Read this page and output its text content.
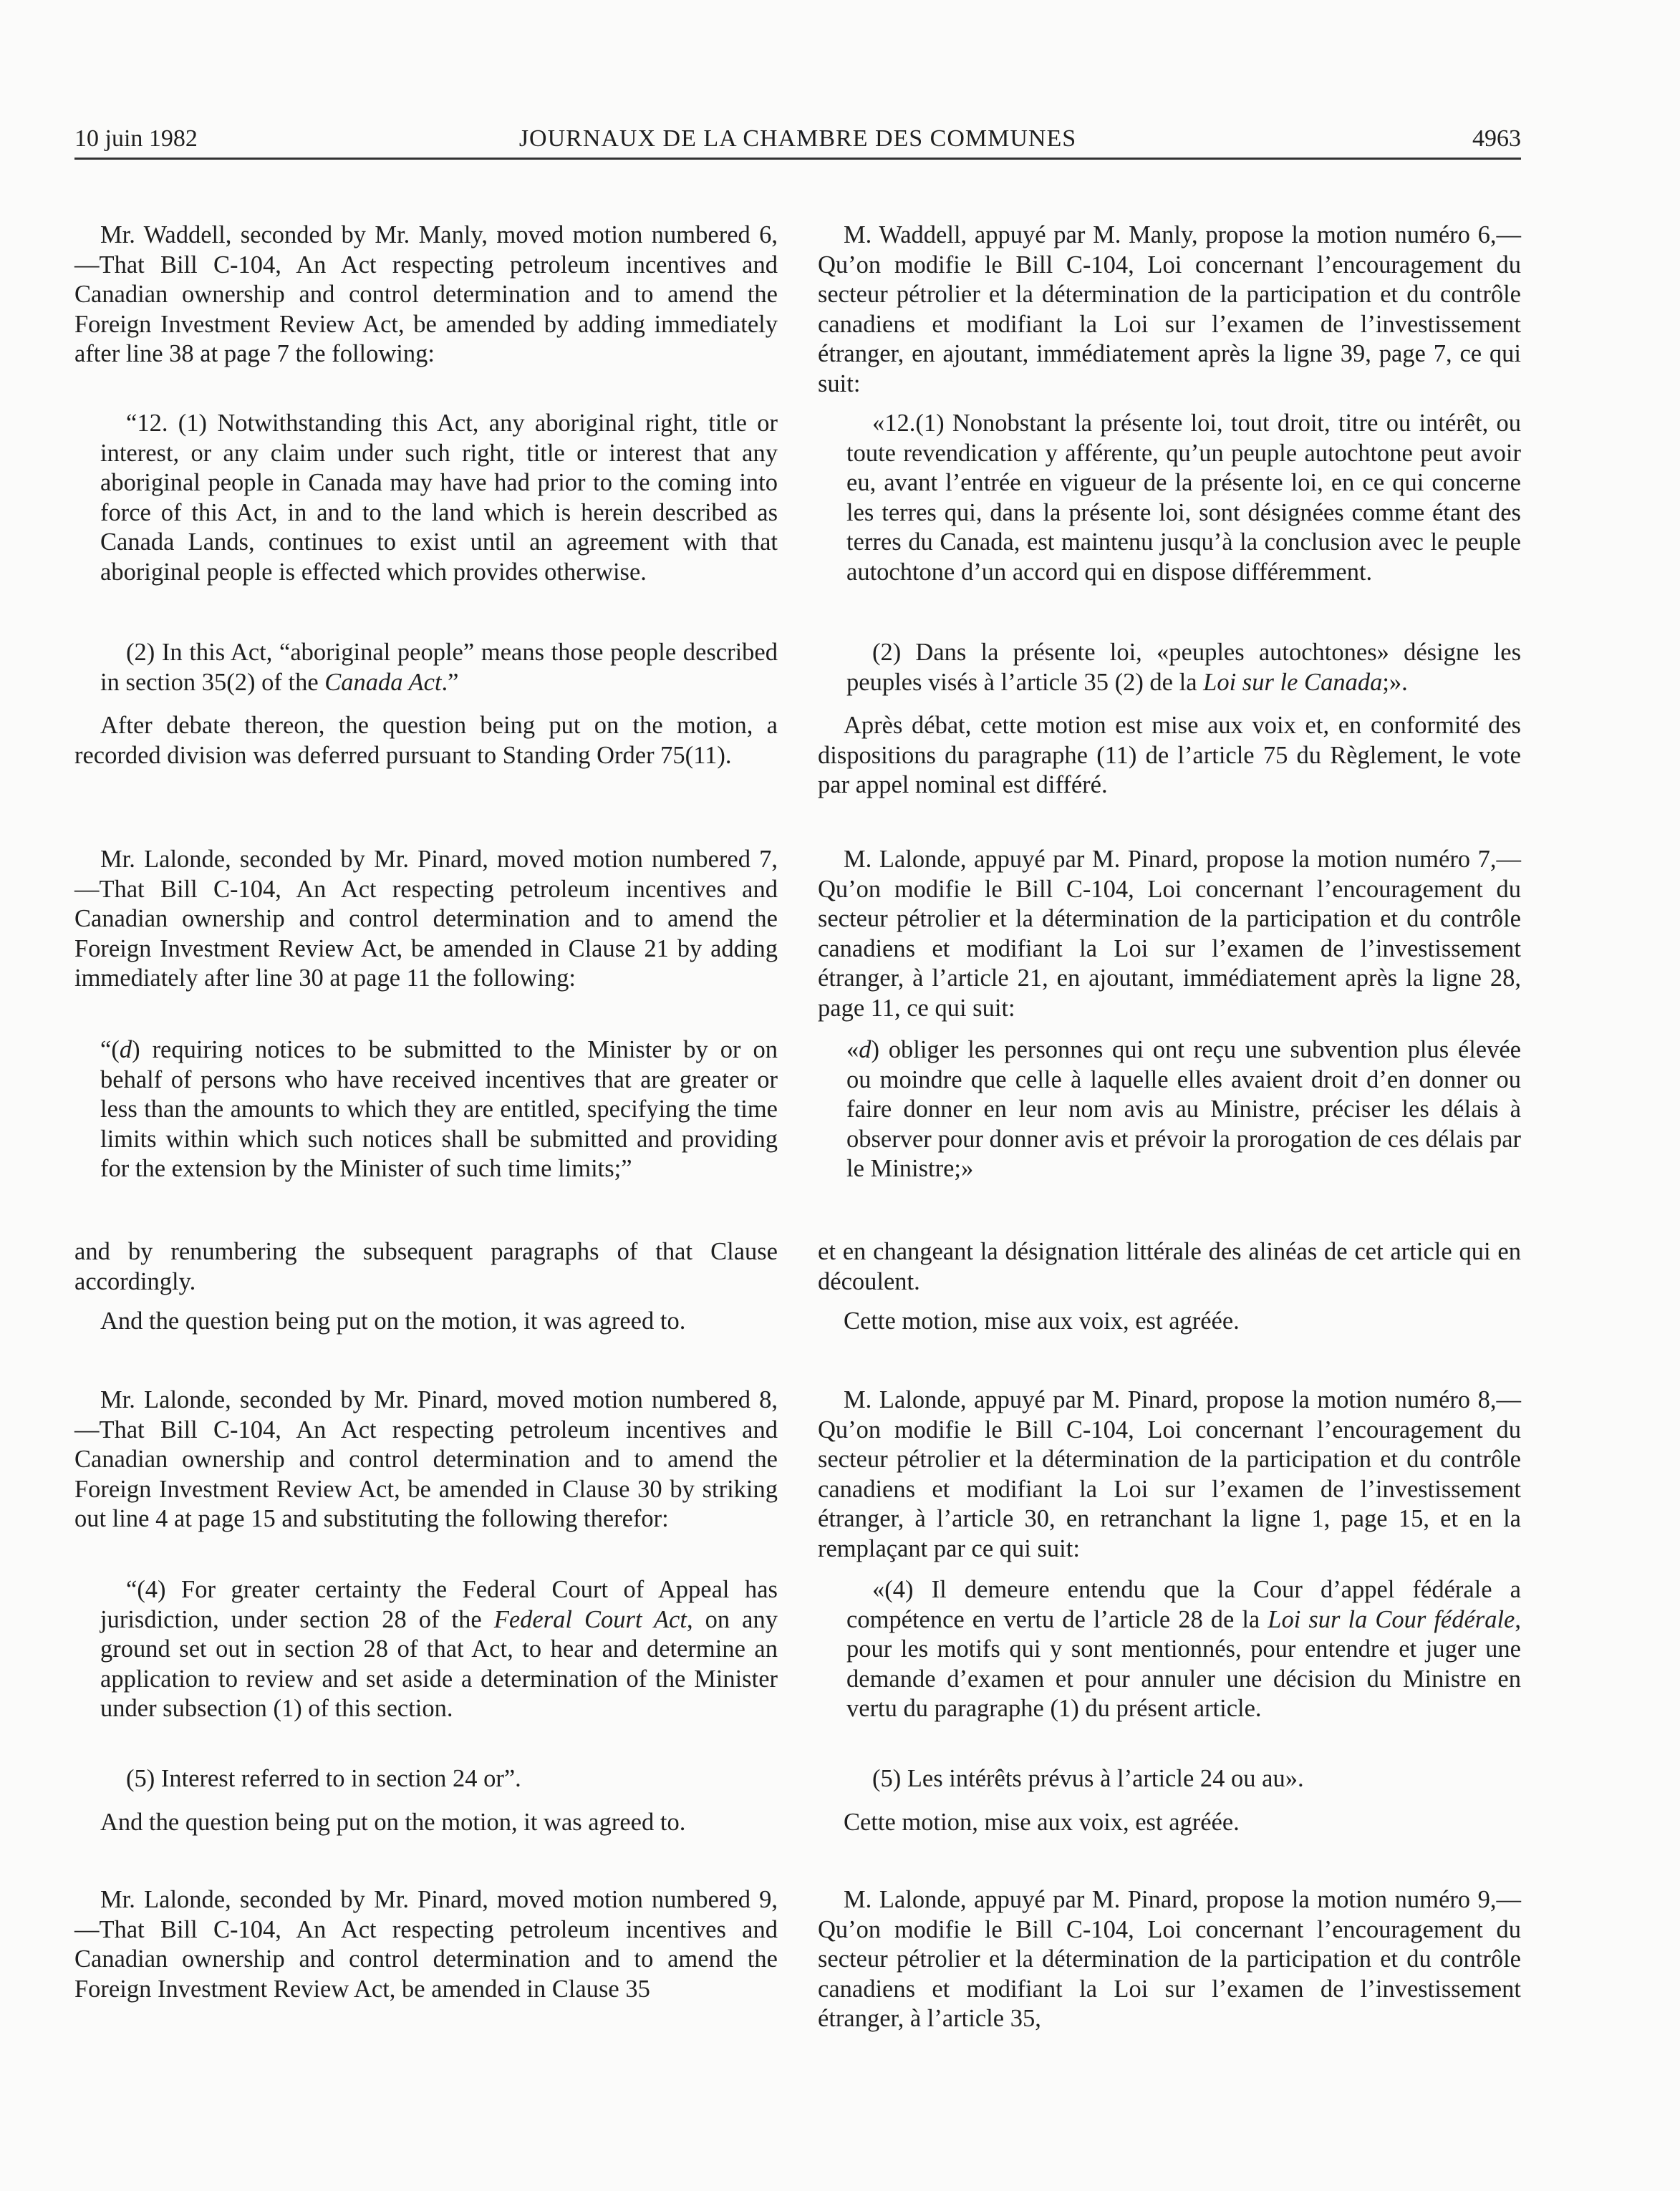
10 juin 1982	JOURNAUX DE LA CHAMBRE DES COMMUNES	4963

Mr. Waddell, seconded by Mr. Manly, moved motion numbered 6,—That Bill C-104, An Act respecting petroleum incentives and Canadian ownership and control determination and to amend the Foreign Investment Review Act, be amended by adding immediately after line 38 at page 7 the following:

“12. (1) Notwithstanding this Act, any aboriginal right, title or interest, or any claim under such right, title or interest that any aboriginal people in Canada may have had prior to the coming into force of this Act, in and to the land which is herein described as Canada Lands, continues to exist until an agreement with that aboriginal people is effected which provides otherwise.

(2) In this Act, “aboriginal people” means those people described in section 35(2) of the Canada Act.”

After debate thereon, the question being put on the motion, a recorded division was deferred pursuant to Standing Order 75(11).

Mr. Lalonde, seconded by Mr. Pinard, moved motion numbered 7,—That Bill C-104, An Act respecting petroleum incentives and Canadian ownership and control determination and to amend the Foreign Investment Review Act, be amended in Clause 21 by adding immediately after line 30 at page 11 the following:

“(d) requiring notices to be submitted to the Minister by or on behalf of persons who have received incentives that are greater or less than the amounts to which they are entitled, specifying the time limits within which such notices shall be submitted and providing for the extension by the Minister of such time limits;”

and by renumbering the subsequent paragraphs of that Clause accordingly.

And the question being put on the motion, it was agreed to.

Mr. Lalonde, seconded by Mr. Pinard, moved motion numbered 8,—That Bill C-104, An Act respecting petroleum incentives and Canadian ownership and control determination and to amend the Foreign Investment Review Act, be amended in Clause 30 by striking out line 4 at page 15 and substituting the following therefor:

“(4) For greater certainty the Federal Court of Appeal has jurisdiction, under section 28 of the Federal Court Act, on any ground set out in section 28 of that Act, to hear and determine an application to review and set aside a determination of the Minister under subsection (1) of this section.

(5) Interest referred to in section 24 or”.

And the question being put on the motion, it was agreed to.

Mr. Lalonde, seconded by Mr. Pinard, moved motion numbered 9,—That Bill C-104, An Act respecting petroleum incentives and Canadian ownership and control determination and to amend the Foreign Investment Review Act, be amended in Clause 35

M. Waddell, appuyé par M. Manly, propose la motion numéro 6,—Qu’on modifie le Bill C-104, Loi concernant l’encouragement du secteur pétrolier et la détermination de la participation et du contrôle canadiens et modifiant la Loi sur l’examen de l’investissement étranger, en ajoutant, immédiatement après la ligne 39, page 7, ce qui suit:

«12.(1) Nonobstant la présente loi, tout droit, titre ou intérêt, ou toute revendication y afférente, qu’un peuple autochtone peut avoir eu, avant l’entrée en vigueur de la présente loi, en ce qui concerne les terres qui, dans la présente loi, sont désignées comme étant des terres du Canada, est maintenu jusqu’à la conclusion avec le peuple autochtone d’un accord qui en dispose différemment.

(2) Dans la présente loi, «peuples autochtones» désigne les peuples visés à l’article 35 (2) de la Loi sur le Canada;».

Après débat, cette motion est mise aux voix et, en conformité des dispositions du paragraphe (11) de l’article 75 du Règlement, le vote par appel nominal est différé.

M. Lalonde, appuyé par M. Pinard, propose la motion numéro 7,—Qu’on modifie le Bill C-104, Loi concernant l’encouragement du secteur pétrolier et la détermination de la participation et du contrôle canadiens et modifiant la Loi sur l’examen de l’investissement étranger, à l’article 21, en ajoutant, immédiatement après la ligne 28, page 11, ce qui suit:

«d) obliger les personnes qui ont reçu une subvention plus élevée ou moindre que celle à laquelle elles avaient droit d’en donner ou faire donner en leur nom avis au Ministre, préciser les délais à observer pour donner avis et prévoir la prorogation de ces délais par le Ministre;»

et en changeant la désignation littérale des alinéas de cet article qui en découlent.

Cette motion, mise aux voix, est agréée.

M. Lalonde, appuyé par M. Pinard, propose la motion numéro 8,—Qu’on modifie le Bill C-104, Loi concernant l’encouragement du secteur pétrolier et la détermination de la participation et du contrôle canadiens et modifiant la Loi sur l’examen de l’investissement étranger, à l’article 30, en retranchant la ligne 1, page 15, et en la remplaçant par ce qui suit:

«(4) Il demeure entendu que la Cour d’appel fédérale a compétence en vertu de l’article 28 de la Loi sur la Cour fédérale, pour les motifs qui y sont mentionnés, pour entendre et juger une demande d’examen et pour annuler une décision du Ministre en vertu du paragraphe (1) du présent article.

(5) Les intérêts prévus à l’article 24 ou au».

Cette motion, mise aux voix, est agréée.

M. Lalonde, appuyé par M. Pinard, propose la motion numéro 9,—Qu’on modifie le Bill C-104, Loi concernant l’encouragement du secteur pétrolier et la détermination de la participation et du contrôle canadiens et modifiant la Loi sur l’examen de l’investissement étranger, à l’article 35,
